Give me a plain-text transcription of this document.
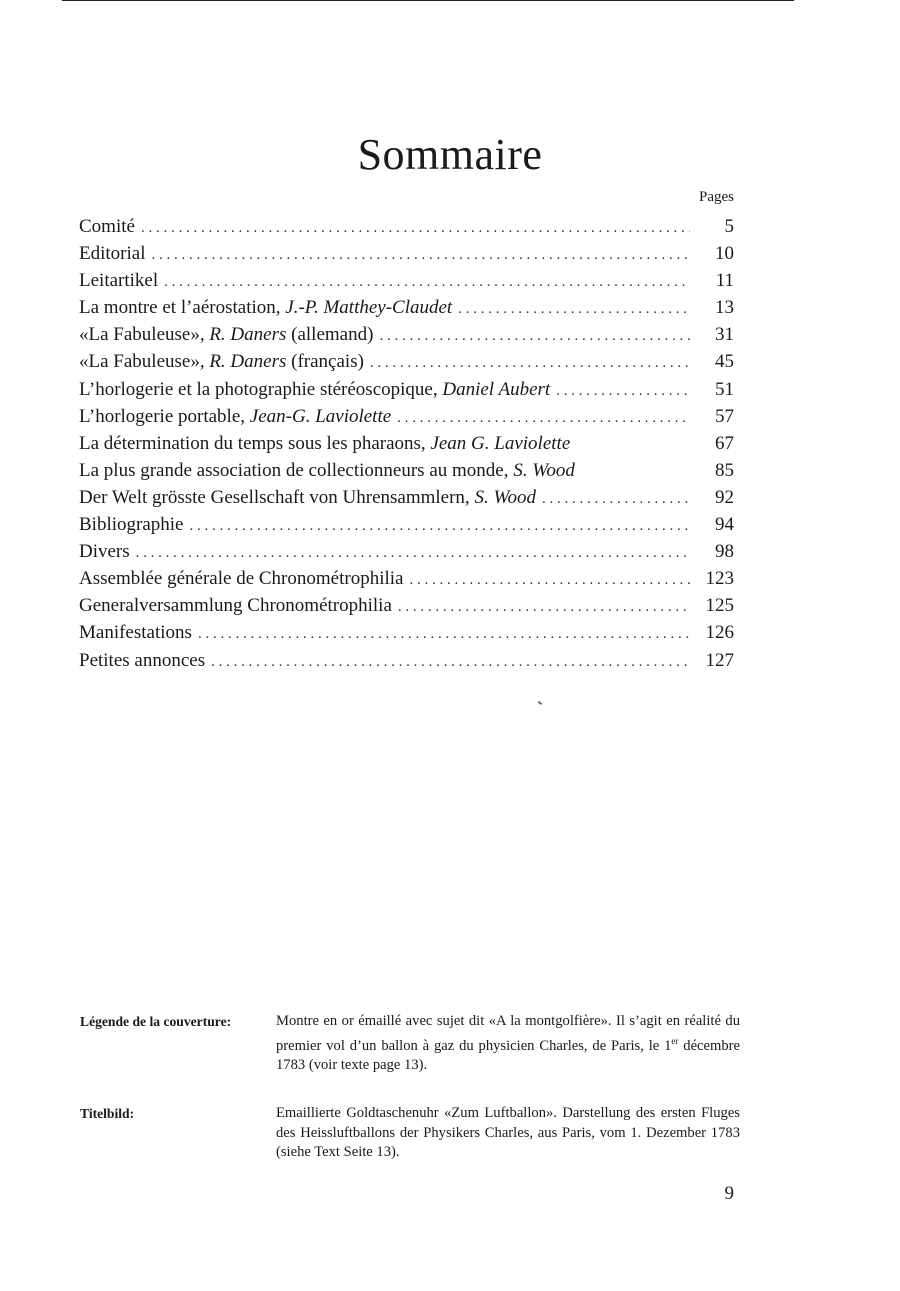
Sommaire
Pages
Comité . . .	5
Editorial . . .	10
Leitartikel . . .	11
La montre et l’aérostation, J.-P. Matthey-Claudet . . .	13
«La Fabuleuse», R. Daners (allemand) . . .	31
«La Fabuleuse», R. Daners (français) . . .	45
L’horlogerie et la photographie stéréoscopique, Daniel Aubert . . .	51
L’horlogerie portable, Jean-G. Laviolette . . .	57
La détermination du temps sous les pharaons, Jean G. Laviolette	67
La plus grande association de collectionneurs au monde, S. Wood	85
Der Welt grösste Gesellschaft von Uhrensammlern, S. Wood . . .	92
Bibliographie . . .	94
Divers . . .	98
Assemblée générale de Chronométrophilia . . .	123
Generalversammlung Chronométrophilia . . .	125
Manifestations . . .	126
Petites annonces . . .	127
Légende de la couverture:	Montre en or émaillé avec sujet dit «A la montgolfière». Il s’agit en réalité du premier vol d’un ballon à gaz du physicien Charles, de Paris, le 1er décembre 1783 (voir texte page 13).
Titelbild:	Emaillierte Goldtaschenuhr «Zum Luftballon». Darstellung des ersten Fluges des Heissluftballons der Physikers Charles, aus Paris, vom 1. Dezember 1783 (siehe Text Seite 13).
9
